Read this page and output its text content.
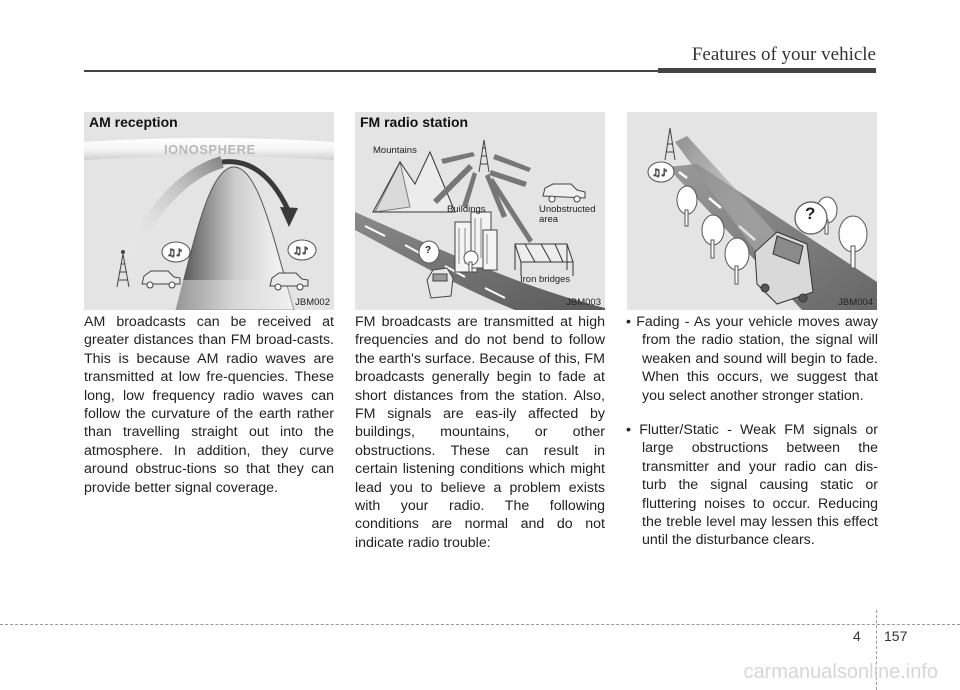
Features of your vehicle
♫♪	♫♪
IONOSPHERE
AM reception
JBM002
FM radio station
Mountains
Buildings	Unobstructed
area
Iron bridges
?
JBM003
♫♪
?
JBM004

AM broadcasts can be received at greater distances than FM broad-casts. This is because AM radio waves are transmitted at low fre-quencies. These long, low frequency radio waves can follow the curvature of the earth rather than travelling straight out into the atmosphere. In addition, they curve around obstruc-tions so that they can provide better signal coverage.

FM broadcasts are transmitted at high frequencies and do not bend to follow the earth's surface. Because of this, FM broadcasts generally begin to fade at short distances from the station. Also, FM signals are eas-ily affected by buildings, mountains, or other obstructions. These can result in certain listening conditions which might lead you to believe a problem exists with your radio. The following conditions are normal and do not indicate radio trouble:

• Fading - As your vehicle moves away from the radio station, the signal will weaken and sound will begin to fade. When this occurs, we suggest that you select another stronger station.
• Flutter/Static - Weak FM signals or large obstructions between the transmitter and your radio can dis-turb the signal causing static or fluttering noises to occur. Reducing the treble level may lessen this effect until the disturbance clears.
4 157
carmanualsonline.info
